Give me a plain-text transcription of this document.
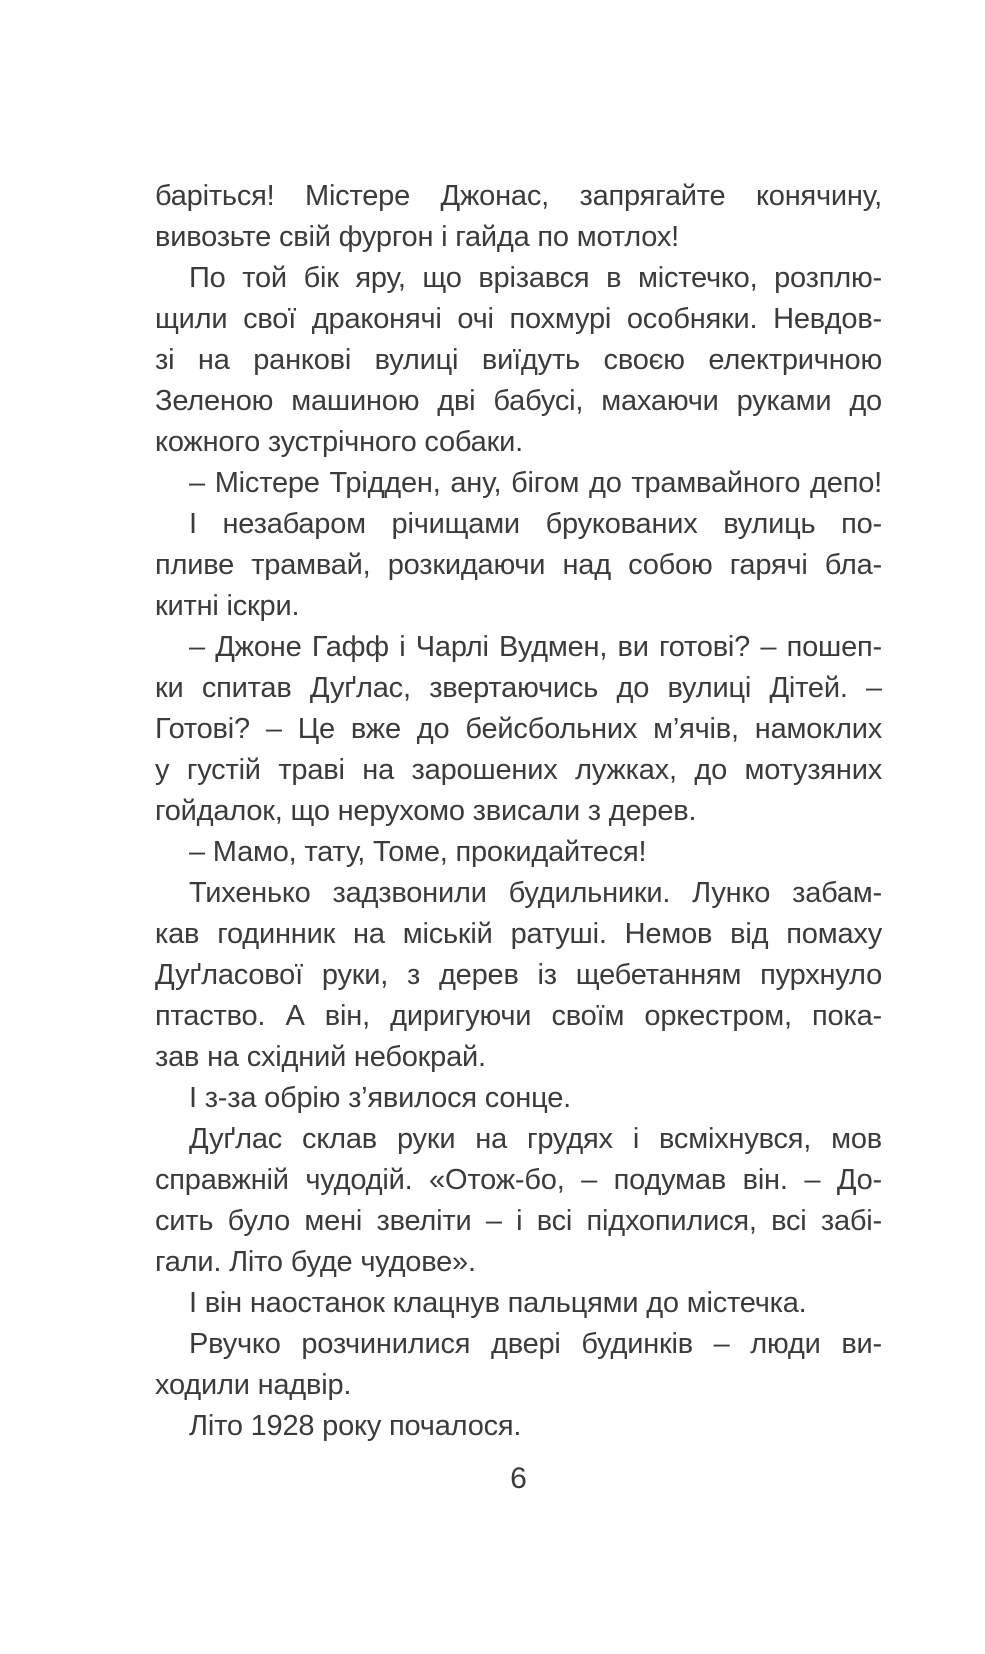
баріться! Містере Джонас, запрягайте конячину,
вивозьте свій фургон і гайда по мотлох!
По той бік яру, що врізався в містечко, розплю-
щили свої драконячі очі похмурі особняки. Невдов-
зі на ранкові вулиці виїдуть своєю електричною
Зеленою машиною дві бабусі, махаючи руками до
кожного зустрічного собаки.
– Містере Трідден, ану, бігом до трамвайного депо!
І незабаром річищами брукованих вулиць по-
пливе трамвай, розкидаючи над собою гарячі бла-
китні іскри.
– Джоне Гафф і Чарлі Вудмен, ви готові? – пошеп-
ки спитав Дуґлас, звертаючись до вулиці Дітей. –
Готові? – Це вже до бейсбольних м’ячів, намоклих
у густій траві на зарошених лужках, до мотузяних
гойдалок, що нерухомо звисали з дерев.
– Мамо, тату, Томе, прокидайтеся!
Тихенько задзвонили будильники. Лунко забам-
кав годинник на міській ратуші. Немов від помаху
Дуґласової руки, з дерев із щебетанням пурхнуло
птаство. А він, диригуючи своїм оркестром, пока-
зав на східний небокрай.
І з-за обрію з’явилося сонце.
Дуґлас склав руки на грудях і всміхнувся, мов
справжній чудодій. «Отож-бо, – подумав він. – До-
сить було мені звеліти – і всі підхопилися, всі забі-
гали. Літо буде чудове».
І він наостанок клацнув пальцями до містечка.
Рвучко розчинилися двері будинків – люди ви-
ходили надвір.
Літо 1928 року почалося.
6
